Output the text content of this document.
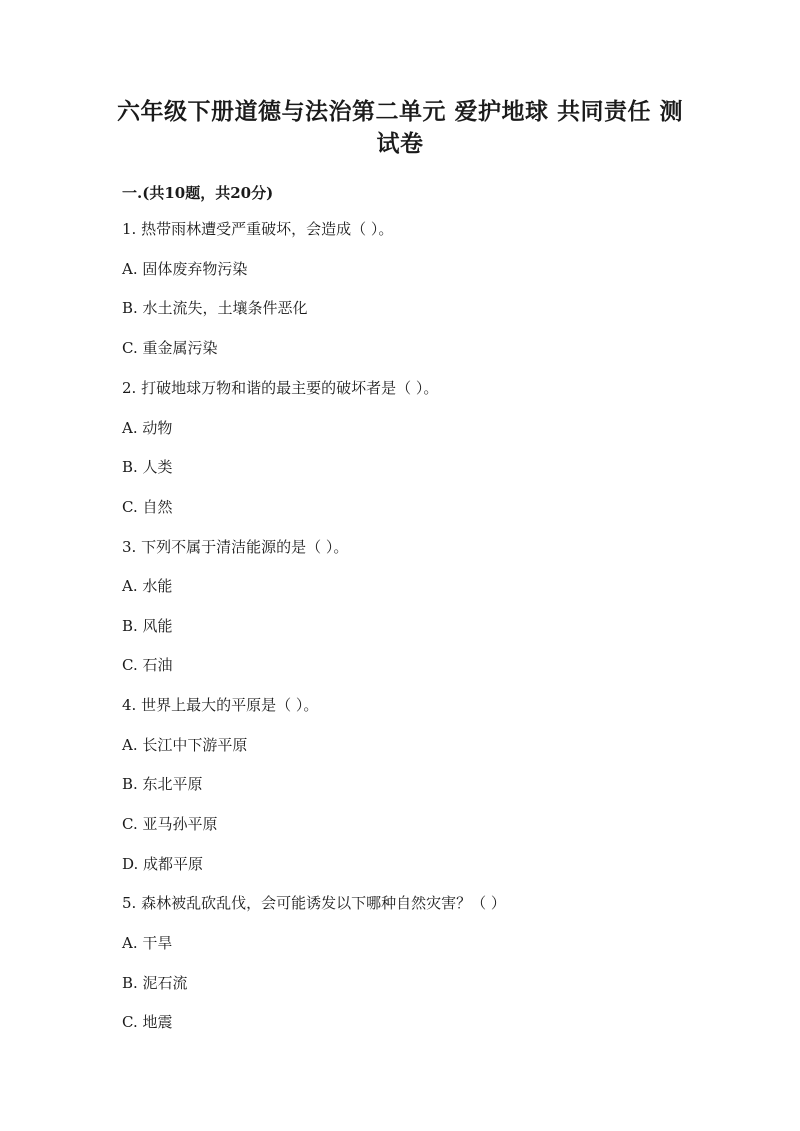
六年级下册道德与法治第二单元 爱护地球 共同责任 测试卷
一.(共10题，共20分)
1. 热带雨林遭受严重破坏，会造成（ ）。
A. 固体废弃物污染
B. 水土流失，土壤条件恶化
C. 重金属污染
2. 打破地球万物和谐的最主要的破坏者是（ ）。
A. 动物
B. 人类
C. 自然
3. 下列不属于清洁能源的是（ ）。
A. 水能
B. 风能
C. 石油
4. 世界上最大的平原是（ ）。
A. 长江中下游平原
B. 东北平原
C. 亚马孙平原
D. 成都平原
5. 森林被乱砍乱伐，会可能诱发以下哪种自然灾害？（ ）
A. 干旱
B. 泥石流
C. 地震
